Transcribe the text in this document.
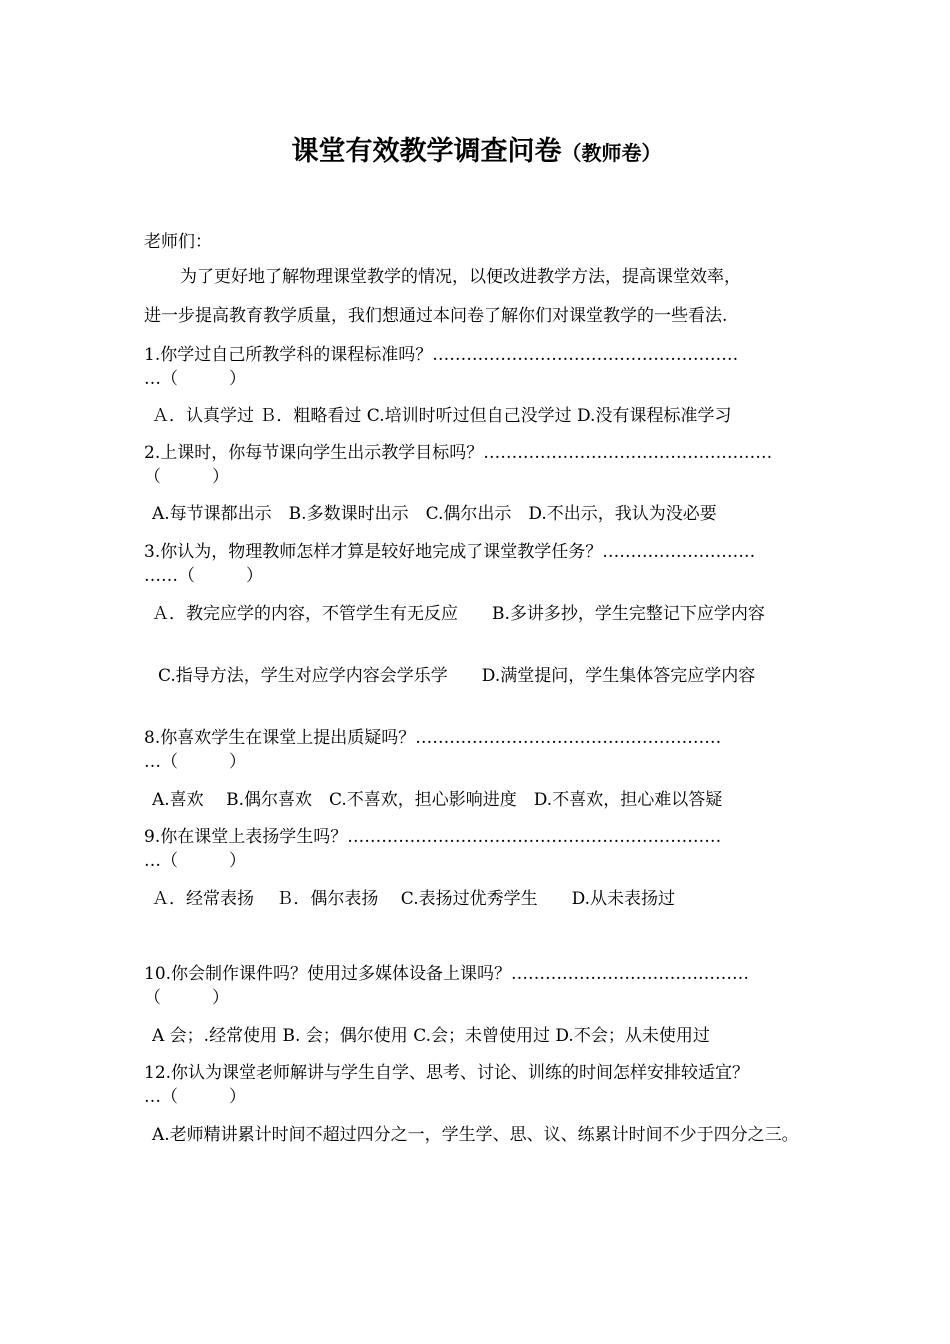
课堂有效教学调查问卷（教师卷）
老师们：
为了更好地了解物理课堂教学的情况，以便改进教学方法，提高课堂效率，
进一步提高教育教学质量，我们想通过本问卷了解你们对课堂教学的一些看法.
1.你学过自己所教学科的课程标准吗？………………………………………………
…（　　　）
Ａ．认真学过 Ｂ．粗略看过 C.培训时听过但自己没学过 D.没有课程标准学习
2.上课时，你每节课向学生出示教学目标吗？……………………………………………
（　　　）
A.每节课都出示　B.多数课时出示　C.偶尔出示　D.不出示，我认为没必要
3.你认为，物理教师怎样才算是较好地完成了课堂教学任务？………………………
……（　　　）
Ａ．教完应学的内容，不管学生有无反应　　B.多讲多抄，学生完整记下应学内容
C.指导方法，学生对应学内容会学乐学　　D.满堂提问，学生集体答完应学内容
8.你喜欢学生在课堂上提出质疑吗？………………………………………………
…（　　　）
A.喜欢　 B.偶尔喜欢　C.不喜欢，担心影响进度　D.不喜欢，担心难以答疑
9.你在课堂上表扬学生吗？…………………………………………………………
…（　　　）
Ａ．经常表扬　 Ｂ．偶尔表扬　 C.表扬过优秀学生　　D.从未表扬过
10.你会制作课件吗？使用过多媒体设备上课吗？……………………………………
（　　　）
A 会；.经常使用 B. 会；偶尔使用 C.会；未曾使用过 D.不会；从未使用过
12.你认为课堂老师解讲与学生自学、思考、讨论、训练的时间怎样安排较适宜？
…（　　　）
A.老师精讲累计时间不超过四分之一，学生学、思、议、练累计时间不少于四分之三。
